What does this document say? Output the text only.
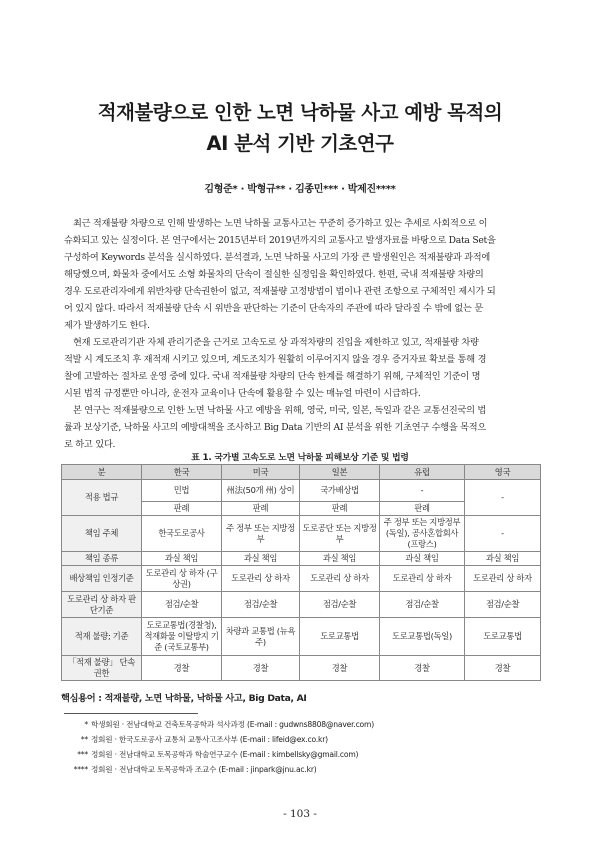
적재불량으로 인한 노면 낙하물 사고 예방 목적의
AI 분석 기반 기초연구
김형준* · 박형규** · 김종민*** · 박제진****
최근 적재불량 차량으로 인해 발생하는 노면 낙하물 교통사고는 꾸준히 증가하고 있는 추세로 사회적으로 이
슈화되고 있는 실정이다. 본 연구에서는 2015년부터 2019년까지의 교통사고 발생자료를 바탕으로 Data Set을
구성하여 Keywords 분석을 실시하였다. 분석결과, 노면 낙하물 사고의 가장 큰 발생원인은 적재불량과 과적에
해당했으며, 화물차 중에서도 소형 화물차의 단속이 절실한 실정임을 확인하였다. 한편, 국내 적재불량 차량의
경우 도로관리자에게 위반차량 단속권한이 없고, 적재불량 고정방법이 법이나 관련 조항으로 구체적인 제시가 되
어 있지 않다. 따라서 적재불량 단속 시 위반을 판단하는 기준이 단속자의 주관에 따라 달라질 수 밖에 없는 문
제가 발생하기도 한다.
현재 도로관리기관 자체 관리기준을 근거로 고속도로 상 과적차량의 진입을 제한하고 있고, 적재불량 차량
적발 시 계도조치 후 재적재 시키고 있으며, 계도조치가 원활히 이루어지지 않을 경우 증거자료 확보를 통해 경
찰에 고발하는 절차로 운영 중에 있다. 국내 적재불량 차량의 단속 한계를 해결하기 위해, 구체적인 기준이 명
시된 법적 규정뿐만 아니라, 운전자 교육이나 단속에 활용할 수 있는 매뉴얼 마련이 시급하다.
본 연구는 적재불량으로 인한 노면 낙하물 사고 예방을 위해, 영국, 미국, 일본, 독일과 같은 교통선진국의 법
률과 보상기준, 낙하물 사고의 예방대책을 조사하고 Big Data 기반의 AI 분석을 위한 기초연구 수행을 목적으
로 하고 있다.
표 1. 국가별 고속도로 노면 낙하물 피해보상 기준 및 법령
분	한국	미국	일본	유럽	영국
적용 법규	민법	州法(50개 州) 상이	국가배상법	-	-
	판례	판례	판례	판례	
책임 주체	한국도로공사	주 정부 또는 지방정부	도로공단 또는 지방정부	주 정부 또는 지방정부(독일), 공사혼합회사(프랑스)	-
책임 종류	과실 책임	과실 책임	과실 책임	과실 책임	과실 책임
배상책임 인정기준	도로관리 상 하자 (구상권)	도로관리 상 하자	도로관리 상 하자	도로관리 상 하자	도로관리 상 하자
도로관리 상 하자 판단기준	점검/순찰	점검/순찰	점검/순찰	점검/순찰	점검/순찰
적재 불량; 기준	도로교통법(경찰청), 적재화물 이탈방지 기준 (국토교통부)	차량과 교통법 (뉴욕 주)	도로교통법	도로교통법(독일)	도로교통법
「적재 불량」 단속 권한	경찰	경찰	경찰	경찰	경찰
핵심용어 : 적재불량, 노면 낙하물, 낙하물 사고, Big Data, AI
* 학생회원 · 전남대학교 건축토목공학과 석사과정 (E-mail : gudwns8808@naver.com)
** 정회원 · 한국도로공사 교통처 교통사고조사부 (E-mail : lifeid@ex.co.kr)
*** 정회원 · 전남대학교 토목공학과 학술연구교수 (E-mail : kimbellsky@gmail.com)
**** 정회원 · 전남대학교 토목공학과 조교수 (E-mail : jinpark@jnu.ac.kr)
- 103 -
